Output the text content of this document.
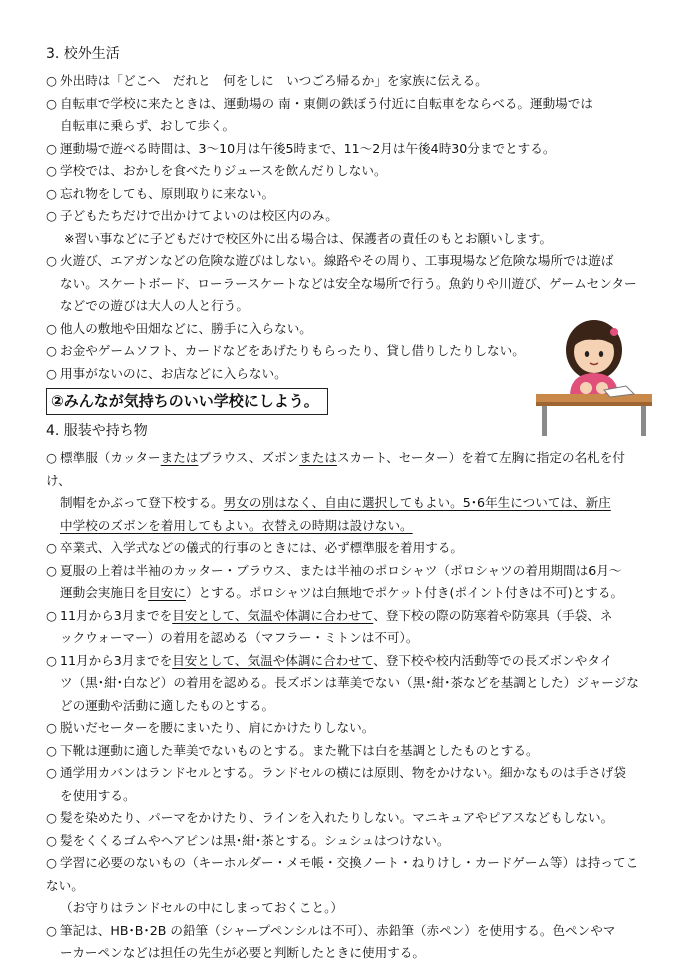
3. 校外生活
○ 外出時は「どこへ　だれと　何をしに　いつごろ帰るか」を家族に伝える。
○ 自転車で学校に来たときは、運動場の 南・東側の鉄ぼう付近に自転車をならべる。運動場では
自転車に乗らず、おして歩く。
○ 運動場で遊べる時間は、3～10月は午後5時まで、11～2月は午後4時30分までとする。
○ 学校では、おかしを食べたりジュースを飲んだりしない。
○ 忘れ物をしても、原則取りに来ない。
○ 子どもたちだけで出かけてよいのは校区内のみ。
※習い事などに子どもだけで校区外に出る場合は、保護者の責任のもとお願いします。
○ 火遊び、エアガンなどの危険な遊びはしない。線路やその周り、工事現場など危険な場所では遊ば
ない。スケートボード、ローラースケートなどは安全な場所で行う。魚釣りや川遊び、ゲームセンター
などでの遊びは大人の人と行う。
○ 他人の敷地や田畑などに、勝手に入らない。
○ お金やゲームソフト、カードなどをあげたりもらったり、貸し借りしたりしない。
○ 用事がないのに、お店などに入らない。
②みんなが気持ちのいい学校にしよう。
4. 服装や持ち物
○ 標準服（カッターまたはブラウス、ズボンまたはスカート、セーター）を着て左胸に指定の名札を付け、
制帽をかぶって登下校する。男女の別はなく、自由に選択してもよい。5･6年生については、新庄
中学校のズボンを着用してもよい。衣替えの時期は設けない。
○ 卒業式、入学式などの儀式的行事のときには、必ず標準服を着用する。
○ 夏服の上着は半袖のカッター・ブラウス、または半袖のポロシャツ（ポロシャツの着用期間は6月～
運動会実施日を目安に）とする。ポロシャツは白無地でポケット付き(ポイント付きは不可)とする。
○ 11月から3月までを目安として、気温や体調に合わせて、登下校の際の防寒着や防寒具（手袋、ネ
ックウォーマー）の着用を認める（マフラー・ミトンは不可）。
○ 11月から3月までを目安として、気温や体調に合わせて、登下校や校内活動等での長ズボンやタイ
ツ（黒･紺･白など）の着用を認める。長ズボンは華美でない（黒･紺･茶などを基調とした）ジャージな
どの運動や活動に適したものとする。
○ 脱いだセーターを腰にまいたり、肩にかけたりしない。
○ 下靴は運動に適した華美でないものとする。また靴下は白を基調としたものとする。
○ 通学用カバンはランドセルとする。ランドセルの横には原則、物をかけない。細かなものは手さげ袋
を使用する。
○ 髪を染めたり、パーマをかけたり、ラインを入れたりしない。マニキュアやピアスなどもしない。
○ 髪をくくるゴムやヘアピンは黒･紺･茶とする。シュシュはつけない。
○ 学習に必要のないもの（キーホルダー・メモ帳・交換ノート・ねりけし・カードゲーム等）は持ってこない。
（お守りはランドセルの中にしまっておくこと。）
○ 筆記は、HB･B･2B の鉛筆（シャープペンシルは不可）、赤鉛筆（赤ペン）を使用する。色ペンやマ
ーカーペンなどは担任の先生が必要と判断したときに使用する。
